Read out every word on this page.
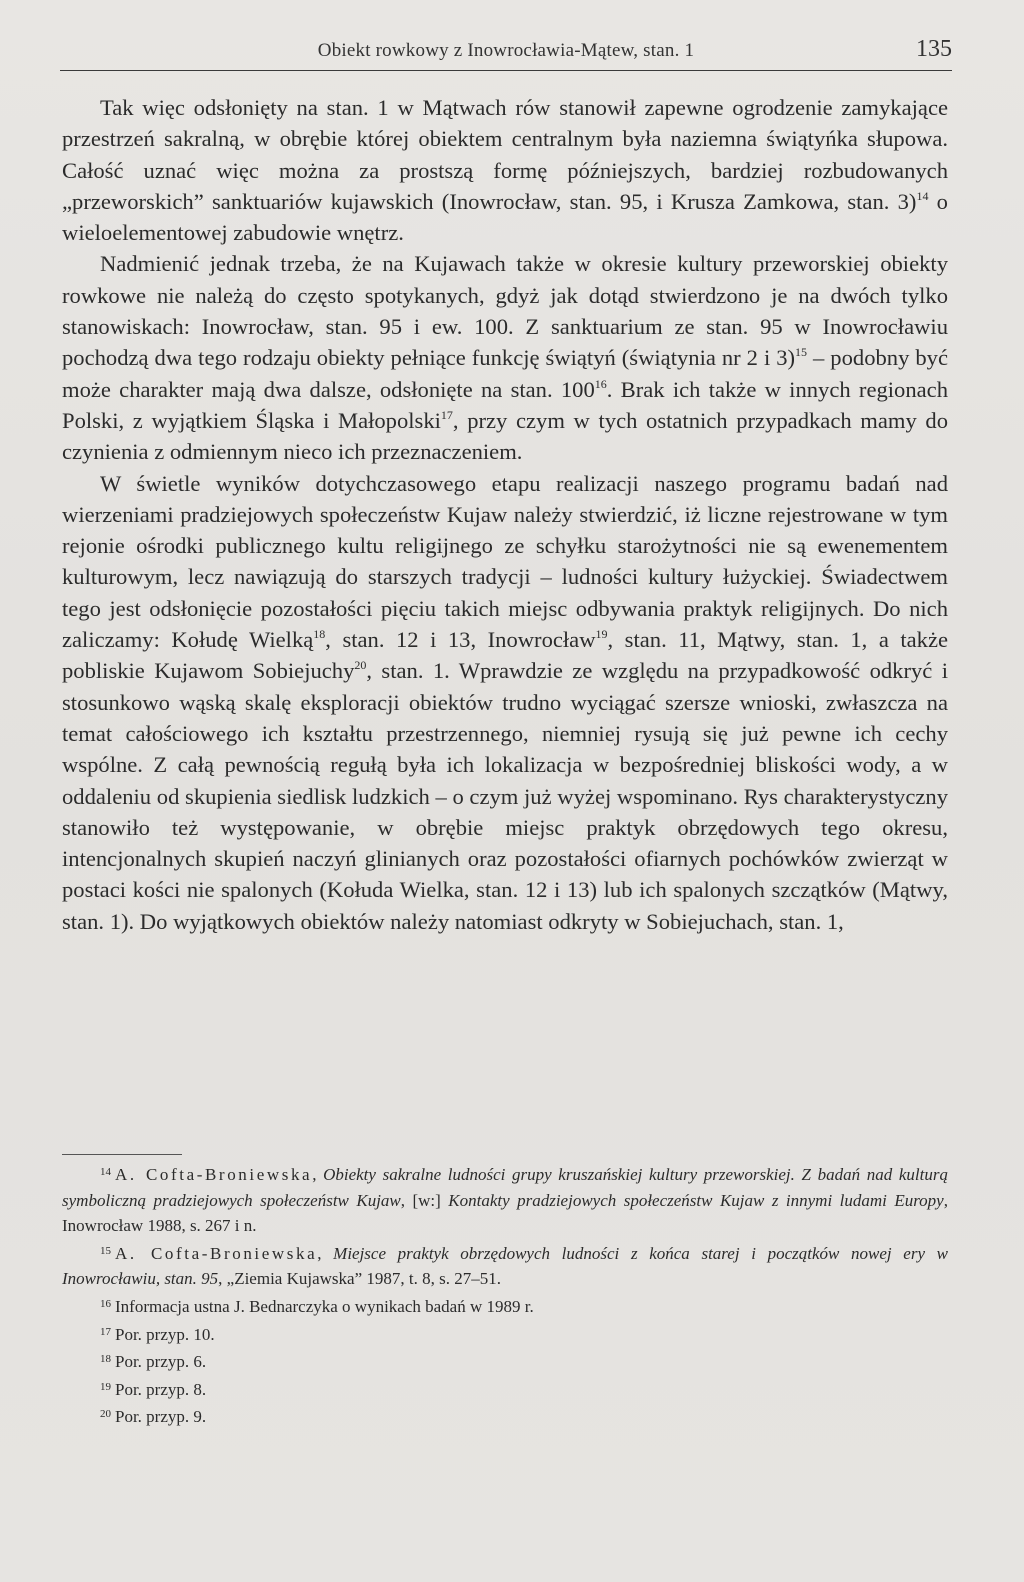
Obiekt rowkowy z Inowrocławia-Mątew, stan. 1	135

Tak więc odsłonięty na stan. 1 w Mątwach rów stanowił zapewne ogrodzenie zamykające przestrzeń sakralną, w obrębie której obiektem centralnym była naziemna świątyńka słupowa. Całość uznać więc można za prostszą formę późniejszych, bardziej rozbudowanych „przeworskich” sanktuariów kujawskich (Inowrocław, stan. 95, i Krusza Zamkowa, stan. 3)$^{14}$ o wieloelementowej zabudowie wnętrz.

Nadmienić jednak trzeba, że na Kujawach także w okresie kultury przeworskiej obiekty rowkowe nie należą do często spotykanych, gdyż jak dotąd stwierdzono je na dwóch tylko stanowiskach: Inowrocław, stan. 95 i ew. 100. Z sanktuarium ze stan. 95 w Inowrocławiu pochodzą dwa tego rodzaju obiekty pełniące funkcję świątyń (świątynia nr 2 i 3)$^{15}$ – podobny być może charakter mają dwa dalsze, odsłonięte na stan. $100^{16}$. Brak ich także w innych regionach Polski, z wyjątkiem Śląska i Małopolski$^{17}$, przy czym w tych ostatnich przypadkach mamy do czynienia z odmiennym nieco ich przeznaczeniem.

W świetle wyników dotychczasowego etapu realizacji naszego programu badań nad wierzeniami pradziejowych społeczeństw Kujaw należy stwierdzić, iż liczne rejestrowane w tym rejonie ośrodki publicznego kultu religijnego ze schyłku starożytności nie są ewenementem kulturowym, lecz nawiązują do starszych tradycji – ludności kultury łużyckiej. Świadectwem tego jest odsłonięcie pozostałości pięciu takich miejsc odbywania praktyk religijnych. Do nich zaliczamy: Kołudę Wielką$^{18}$, stan. 12 i 13, Inowrocław$^{19}$, stan. 11, Mątwy, stan. 1, a także pobliskie Kujawom Sobiejuchy$^{20}$, stan. 1. Wprawdzie ze względu na przypadkowość odkryć i stosunkowo wąską skalę eksploracji obiektów trudno wyciągać szersze wnioski, zwłaszcza na temat całościowego ich kształtu przestrzennego, niemniej rysują się już pewne ich cechy wspólne. Z całą pewnością regułą była ich lokalizacja w bezpośredniej bliskości wody, a w oddaleniu od skupienia siedlisk ludzkich – o czym już wyżej wspominano. Rys charakterystyczny stanowiło też występowanie, w obrębie miejsc praktyk obrzędowych tego okresu, intencjonalnych skupień naczyń glinianych oraz pozostałości ofiarnych pochówków zwierząt w postaci kości nie spalonych (Kołuda Wielka, stan. 12 i 13) lub ich spalonych szczątków (Mątwy, stan. 1). Do wyjątkowych obiektów należy natomiast odkryty w Sobiejuchach, stan. 1,

$^{14}$ A. Cofta-Broniewska, Obiekty sakralne ludności grupy kruszańskiej kultury przeworskiej. Z badań nad kulturą symboliczną pradziejowych społeczeństw Kujaw, [w:] Kontakty pradziejowych społeczeństw Kujaw z innymi ludami Europy, Inowrocław 1988, s. 267 i n.

$^{15}$ A. Cofta-Broniewska, Miejsce praktyk obrzędowych ludności z końca starej i początków nowej ery w Inowrocławiu, stan. 95, „Ziemia Kujawska” 1987, t. 8, s. 27–51.

$^{16}$ Informacja ustna J. Bednarczyka o wynikach badań w 1989 r.

$^{17}$ Por. przyp. 10.

$^{18}$ Por. przyp. 6.

$^{19}$ Por. przyp. 8.

$^{20}$ Por. przyp. 9.
